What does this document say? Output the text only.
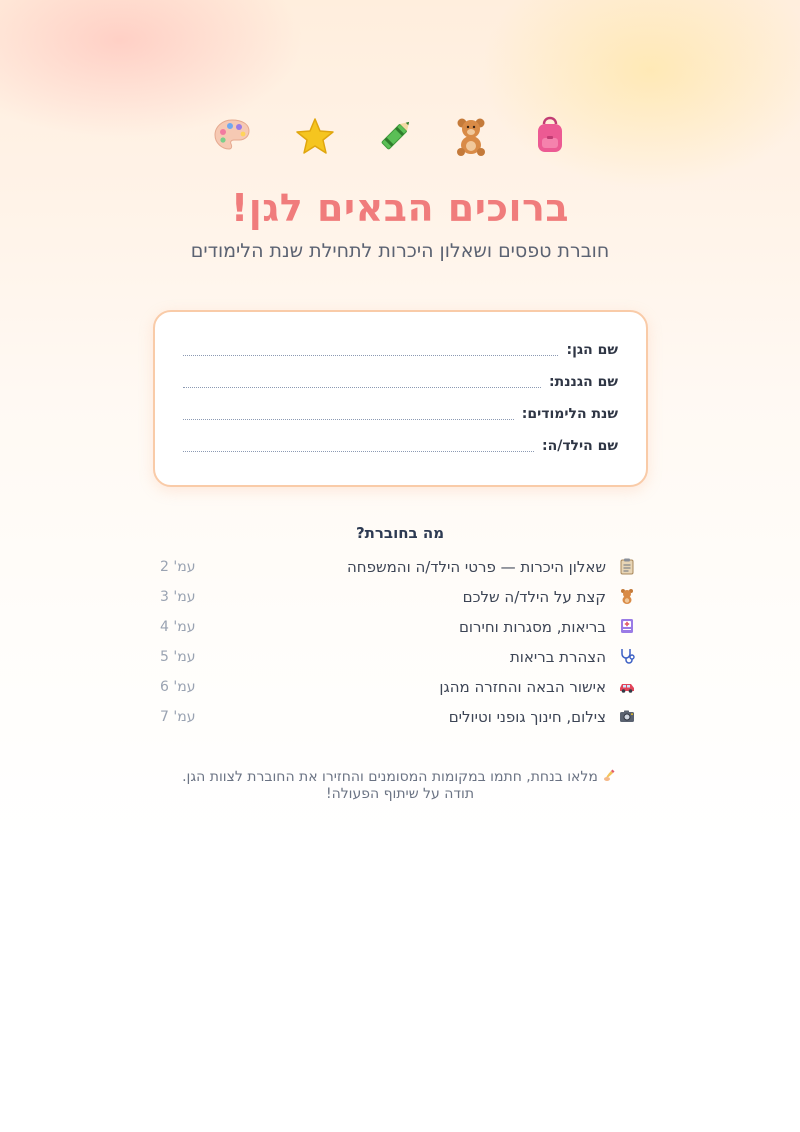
ברוכים הבאים לגן!
חוברת טפסים ושאלון היכרות לתחילת שנת הלימודים
שם הגן:
שם הגננת:
שנת הלימודים:
שם הילד/ה:
מה בחוברת?
שאלון היכרות — פרטי הילד/ה והמשפחה
עמ' 2
קצת על הילד/ה שלכם
עמ' 3
בריאות, מסגרות וחירום
עמ' 4
הצהרת בריאות
עמ' 5
אישור הבאה והחזרה מהגן
עמ' 6
צילום, חינוך גופני וטיולים
עמ' 7
מלאו בנחת, חתמו במקומות המסומנים והחזירו את החוברת לצוות הגן.
תודה על שיתוף הפעולה!
